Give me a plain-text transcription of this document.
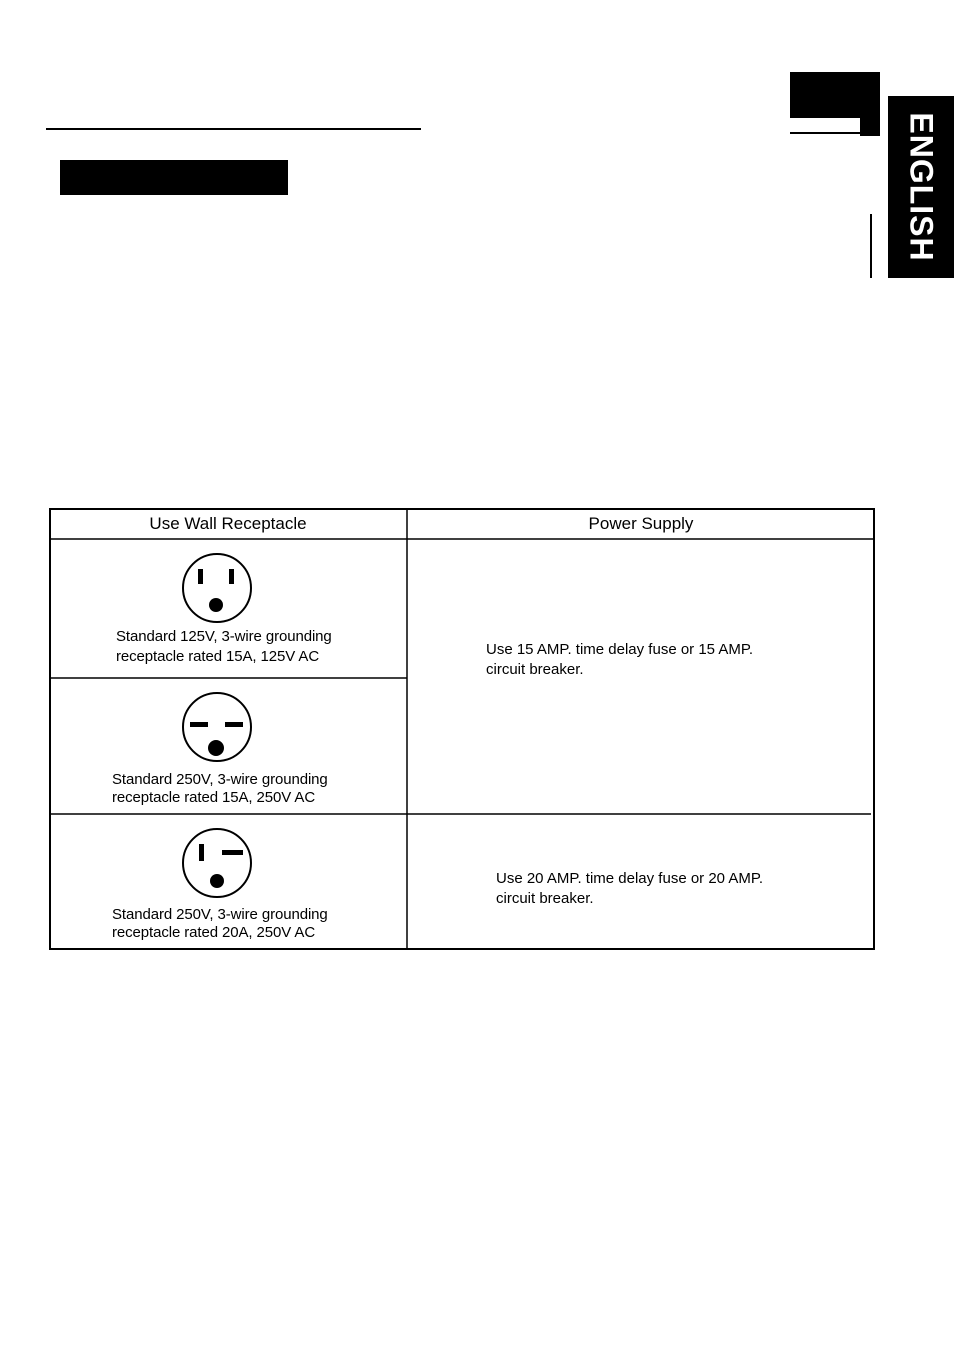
ENGLISH
Use Wall Receptacle	Power Supply
Standard 125V, 3-wire grounding
receptacle rated 15A, 125V AC
Standard 250V, 3-wire grounding
receptacle rated 15A, 250V AC
Standard 250V, 3-wire grounding
receptacle rated 20A, 250V AC
Use 15 AMP. time delay fuse or 15 AMP.
circuit breaker.
Use 20 AMP. time delay fuse or 20 AMP.
circuit breaker.
